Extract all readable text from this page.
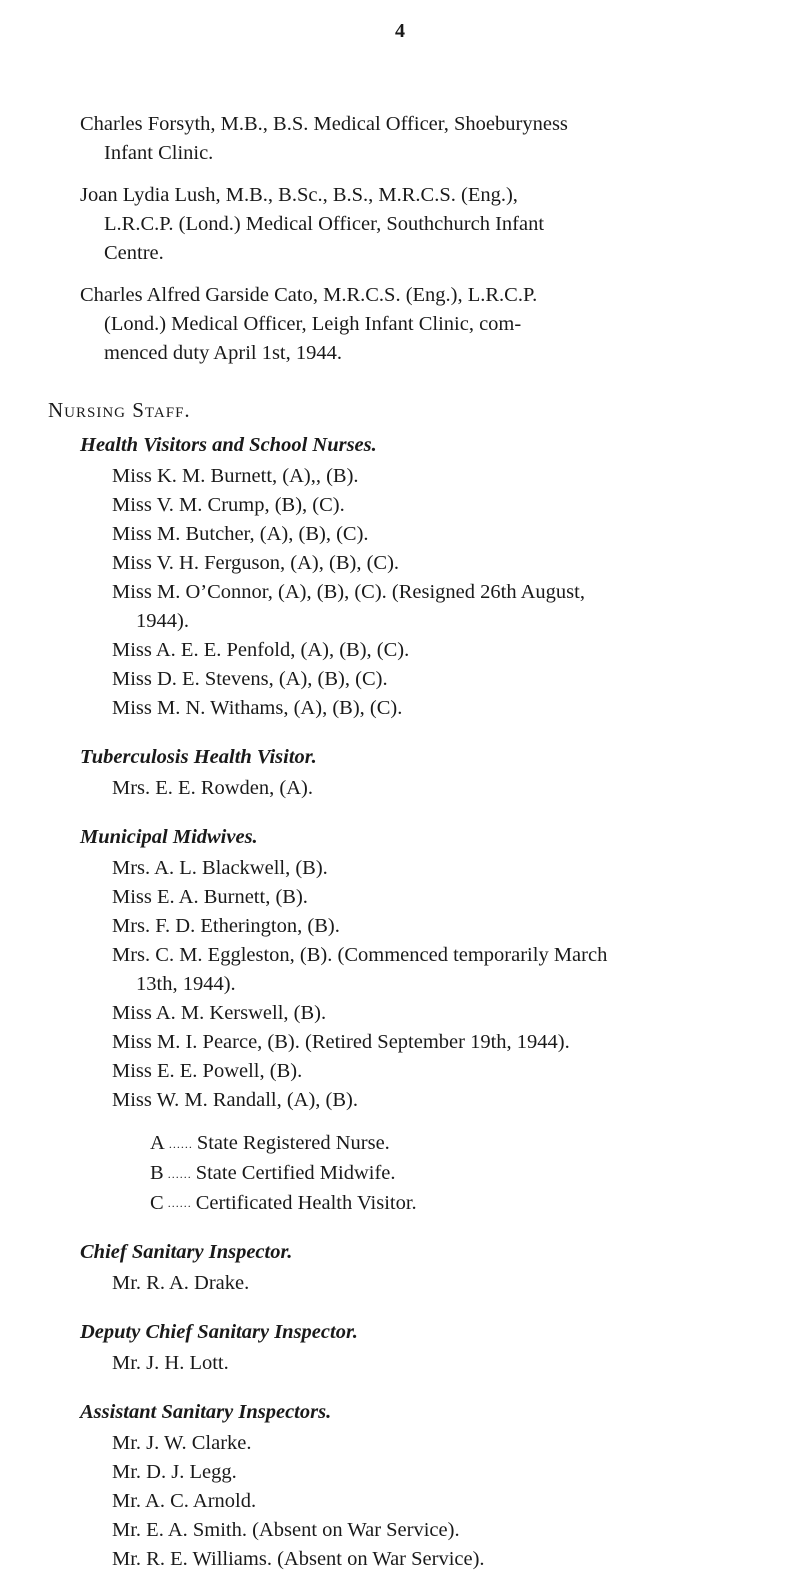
4
Charles Forsyth, M.B., B.S. Medical Officer, Shoeburyness
Infant Clinic.
Joan Lydia Lush, M.B., B.Sc., B.S., M.R.C.S. (Eng.),
L.R.C.P. (Lond.) Medical Officer, Southchurch Infant
Centre.
Charles Alfred Garside Cato, M.R.C.S. (Eng.), L.R.C.P.
(Lond.) Medical Officer, Leigh Infant Clinic, com-
menced duty April 1st, 1944.
Nursing Staff.
Health Visitors and School Nurses.
Miss K. M. Burnett, (A),, (B).
Miss V. M. Crump, (B), (C).
Miss M. Butcher, (A), (B), (C).
Miss V. H. Ferguson, (A), (B), (C).
Miss M. O’Connor, (A), (B), (C). (Resigned 26th August,
1944).
Miss A. E. E. Penfold, (A), (B), (C).
Miss D. E. Stevens, (A), (B), (C).
Miss M. N. Withams, (A), (B), (C).
Tuberculosis Health Visitor.
Mrs. E. E. Rowden, (A).
Municipal Midwives.
Mrs. A. L. Blackwell, (B).
Miss E. A. Burnett, (B).
Mrs. F. D. Etherington, (B).
Mrs. C. M. Eggleston, (B). (Commenced temporarily March
13th, 1944).
Miss A. M. Kerswell, (B).
Miss M. I. Pearce, (B). (Retired September 19th, 1944).
Miss E. E. Powell, (B).
Miss W. M. Randall, (A), (B).
A ...... State Registered Nurse.
B ...... State Certified Midwife.
C ...... Certificated Health Visitor.
Chief Sanitary Inspector.
Mr. R. A. Drake.
Deputy Chief Sanitary Inspector.
Mr. J. H. Lott.
Assistant Sanitary Inspectors.
Mr. J. W. Clarke.
Mr. D. J. Legg.
Mr. A. C. Arnold.
Mr. E. A. Smith. (Absent on War Service).
Mr. R. E. Williams. (Absent on War Service).
